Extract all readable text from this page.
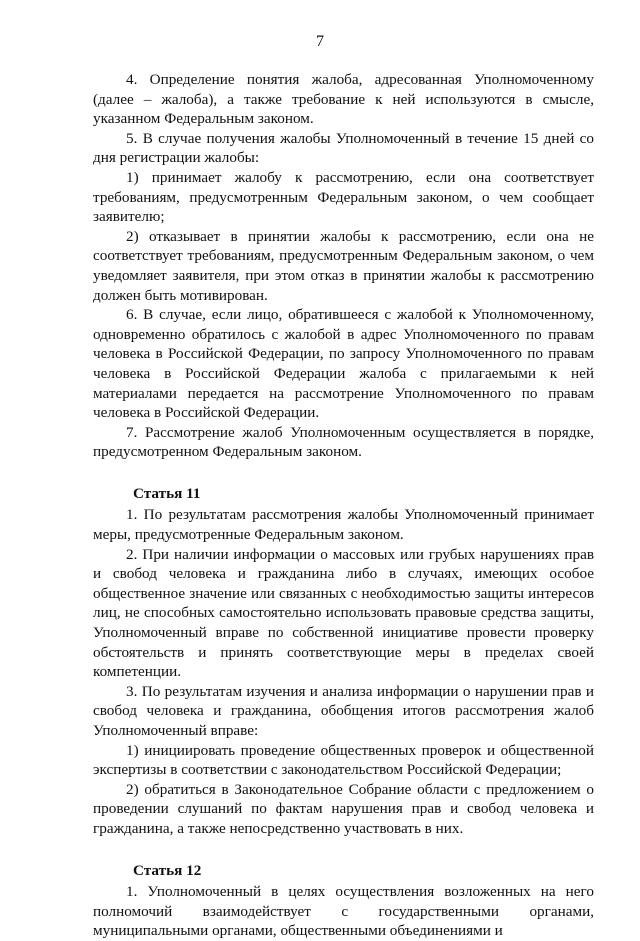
7

4. Определение понятия жалоба, адресованная Уполномоченному (далее – жалоба), а также требование к ней используются в смысле, указанном Федеральным законом.

5. В случае получения жалобы Уполномоченный в течение 15 дней со дня регистрации жалобы:

1) принимает жалобу к рассмотрению, если она соответствует требованиям, предусмотренным Федеральным законом, о чем сообщает заявителю;

2) отказывает в принятии жалобы к рассмотрению, если она не соответствует требованиям, предусмотренным Федеральным законом, о чем уведомляет заявителя, при этом отказ в принятии жалобы к рассмотрению должен быть мотивирован.

6. В случае, если лицо, обратившееся с жалобой к Уполномоченному, одновременно обратилось с жалобой в адрес Уполномоченного по правам человека в Российской Федерации, по запросу Уполномоченного по правам человека в Российской Федерации жалоба с прилагаемыми к ней материалами передается на рассмотрение Уполномоченного по правам человека в Российской Федерации.

7. Рассмотрение жалоб Уполномоченным осуществляется в порядке, предусмотренном Федеральным законом.

Статья 11

1. По результатам рассмотрения жалобы Уполномоченный принимает меры, предусмотренные Федеральным законом.

2. При наличии информации о массовых или грубых нарушениях прав и свобод человека и гражданина либо в случаях, имеющих особое общественное значение или связанных с необходимостью защиты интересов лиц, не способных самостоятельно использовать правовые средства защиты, Уполномоченный вправе по собственной инициативе провести проверку обстоятельств и принять соответствующие меры в пределах своей компетенции.

3. По результатам изучения и анализа информации о нарушении прав и свобод человека и гражданина, обобщения итогов рассмотрения жалоб Уполномоченный вправе:

1) инициировать проведение общественных проверок и общественной экспертизы в соответствии с законодательством Российской Федерации;

2) обратиться в Законодательное Собрание области с предложением о проведении слушаний по фактам нарушения прав и свобод человека и гражданина, а также непосредственно участвовать в них.

Статья 12

1. Уполномоченный в целях осуществления возложенных на него полномочий взаимодействует с государственными органами, муниципальными органами, общественными объединениями и
